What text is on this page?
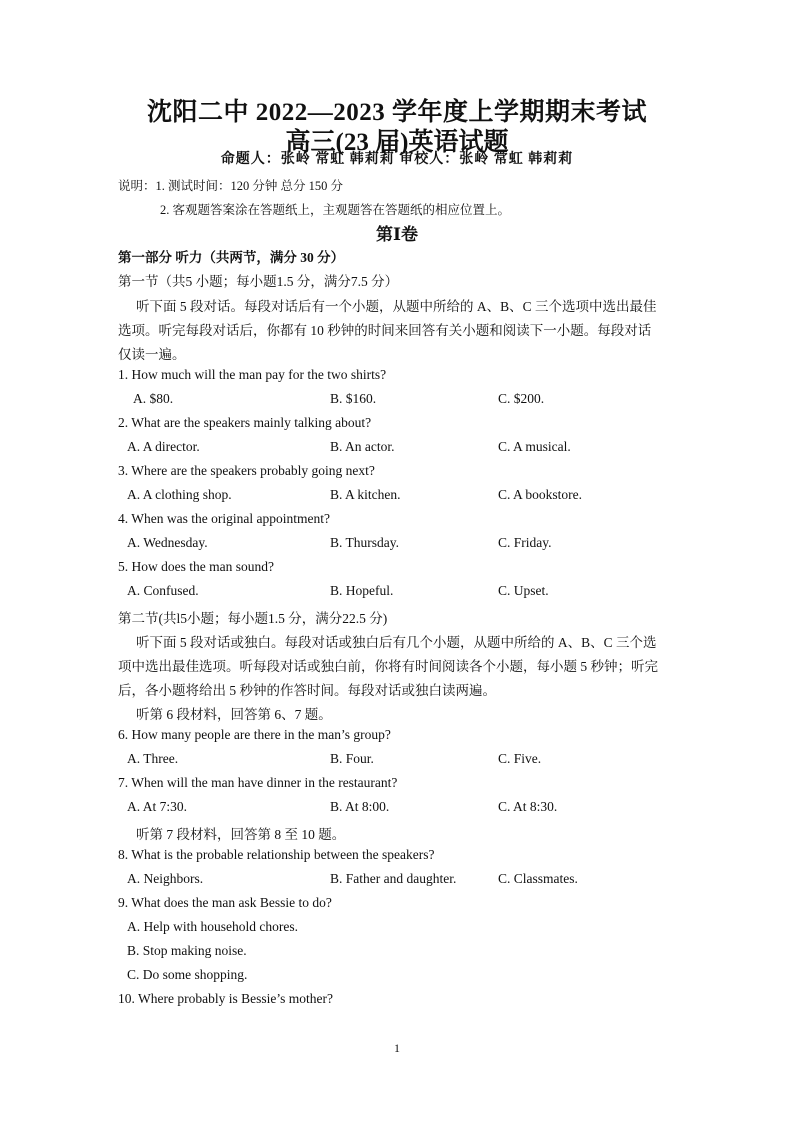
沈阳二中 2022—2023 学年度上学期期末考试
高三(23 届)英语试题
命题人：张岭 常虹 韩莉莉 审校人：张岭 常虹 韩莉莉
说明：1. 测试时间：120 分钟 总分 150 分
2. 客观题答案涂在答题纸上，主观题答在答题纸的相应位置上。
第Ⅰ卷
第一部分 听力（共两节，满分 30 分）
第一节（共5 小题；每小题1.5 分，满分7.5 分）
听下面 5 段对话。每段对话后有一个小题，从题中所给的 A、B、C 三个选项中选出最佳
选项。听完每段对话后，你都有 10 秒钟的时间来回答有关小题和阅读下一小题。每段对话
仅读一遍。
1. How much will the man pay for the two shirts?
A. $80.	B. $160.	C. $200.
2. What are the speakers mainly talking about?
A. A director.	B. An actor.	C. A musical.
3. Where are the speakers probably going next?
A. A clothing shop.	B. A kitchen.	C. A bookstore.
4. When was the original appointment?
A. Wednesday.	B. Thursday.	C. Friday.
5. How does the man sound?
A. Confused.	B. Hopeful.	C. Upset.
第二节(共l5小题；每小题1.5 分，满分22.5 分)
听下面 5 段对话或独白。每段对话或独白后有几个小题，从题中所给的 A、B、C 三个选
项中选出最佳选项。听每段对话或独白前，你将有时间阅读各个小题，每小题 5 秒钟；听完
后，各小题将给出 5 秒钟的作答时间。每段对话或独白读两遍。
听第 6 段材料，回答第 6、7 题。
6. How many people are there in the man’s group?
A. Three.	B. Four.	C. Five.
7. When will the man have dinner in the restaurant?
A. At 7:30.	B. At 8:00.	C. At 8:30.
听第 7 段材料，回答第 8 至 10 题。
8. What is the probable relationship between the speakers?
A. Neighbors.	B. Father and daughter.	C. Classmates.
9. What does the man ask Bessie to do?
A. Help with household chores.
B. Stop making noise.
C. Do some shopping.
10. Where probably is Bessie’s mother?
1
